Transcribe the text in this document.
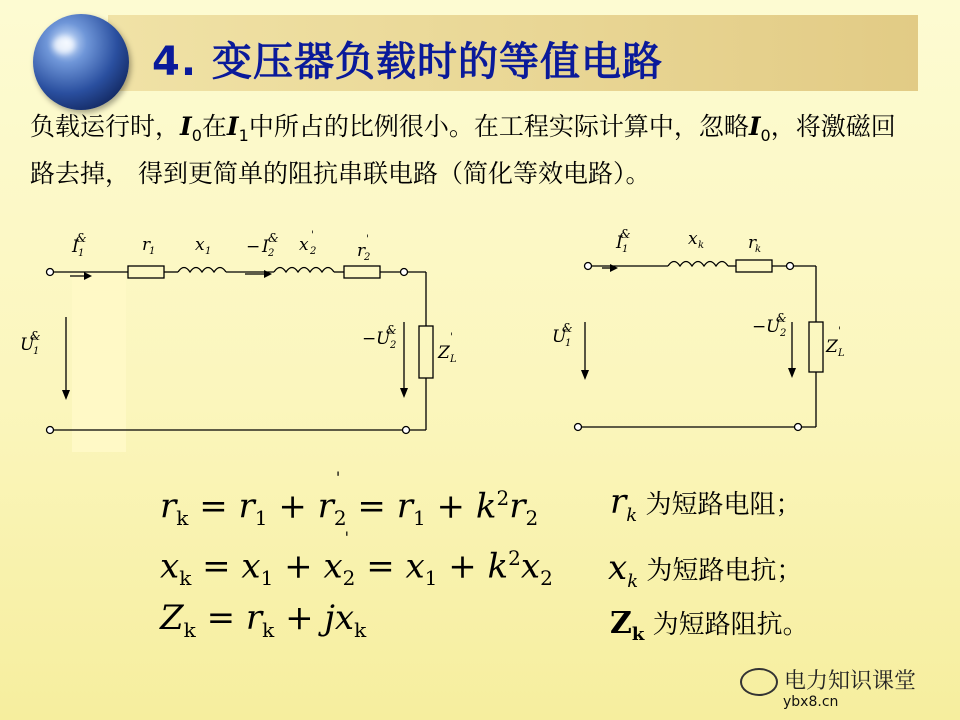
4. 变压器负载时的等值电路
负载运行时，$I_0$在$I_1$中所占的比例很小。在工程实际计算中，忽略$I_0$，将激磁回路去掉， 得到更简单的阻抗串联电路（简化等效电路）。
I 1
&	r
1 x 1 − I 2
& x 2
'
r
2
'
U
1
&	− U 2
&
Z L
'
I 1
&	x k	r
k
U
1
&	− U 2
&
Z L
'
$r_k = r_1 + r_2 = r_1 + k^2r_2$
$x_k = x_1 + x_2 = x_1 + k^2x_2$
$Z_k = r_k + jx_k$
$r_k$ 为短路电阻；
$x_k$ 为短路电抗；
$Z_k$ 为短路阻抗。
电力知识课堂
ybx8.cn
